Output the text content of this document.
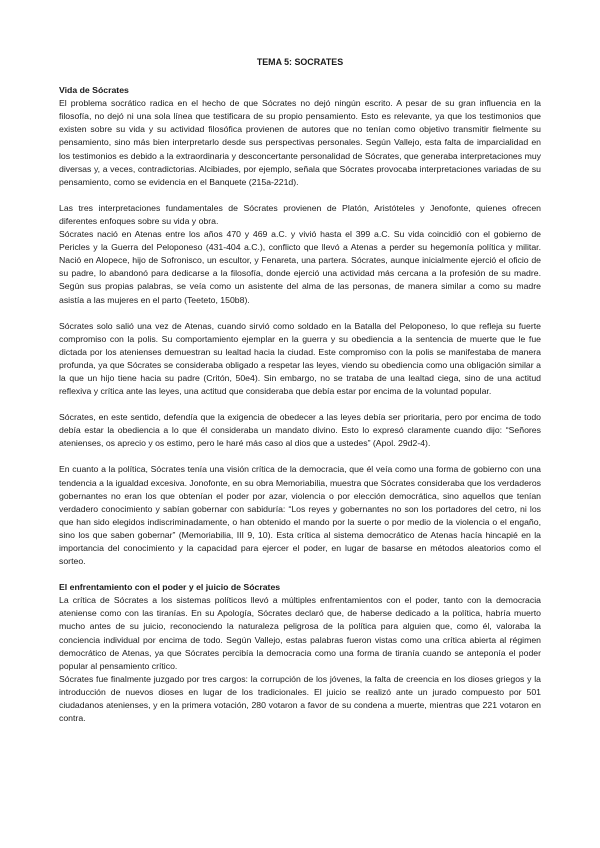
TEMA 5: SOCRATES
Vida de Sócrates

El problema socrático radica en el hecho de que Sócrates no dejó ningún escrito. A pesar de su gran influencia en la filosofía, no dejó ni una sola línea que testificara de su propio pensamiento. Esto es relevante, ya que los testimonios que existen sobre su vida y su actividad filosófica provienen de autores que no tenían como objetivo transmitir fielmente su pensamiento, sino más bien interpretarlo desde sus perspectivas personales. Según Vallejo, esta falta de imparcialidad en los testimonios es debido a la extraordinaria y desconcertante personalidad de Sócrates, que generaba interpretaciones muy diversas y, a veces, contradictorias. Alcibiades, por ejemplo, señala que Sócrates provocaba interpretaciones variadas de su pensamiento, como se evidencia en el Banquete (215a-221d).

Las tres interpretaciones fundamentales de Sócrates provienen de Platón, Aristóteles y Jenofonte, quienes ofrecen diferentes enfoques sobre su vida y obra.

Sócrates nació en Atenas entre los años 470 y 469 a.C. y vivió hasta el 399 a.C. Su vida coincidió con el gobierno de Pericles y la Guerra del Peloponeso (431-404 a.C.), conflicto que llevó a Atenas a perder su hegemonía política y militar. Nació en Alopece, hijo de Sofronisco, un escultor, y Fenareta, una partera. Sócrates, aunque inicialmente ejerció el oficio de su padre, lo abandonó para dedicarse a la filosofía, donde ejerció una actividad más cercana a la profesión de su madre. Según sus propias palabras, se veía como un asistente del alma de las personas, de manera similar a como su madre asistía a las mujeres en el parto (Teeteto, 150b8).

Sócrates solo salió una vez de Atenas, cuando sirvió como soldado en la Batalla del Peloponeso, lo que refleja su fuerte compromiso con la polis. Su comportamiento ejemplar en la guerra y su obediencia a la sentencia de muerte que le fue dictada por los atenienses demuestran su lealtad hacia la ciudad. Este compromiso con la polis se manifestaba de manera profunda, ya que Sócrates se consideraba obligado a respetar las leyes, viendo su obediencia como una obligación similar a la que un hijo tiene hacia su padre (Critón, 50e4). Sin embargo, no se trataba de una lealtad ciega, sino de una actitud reflexiva y crítica ante las leyes, una actitud que consideraba que debía estar por encima de la voluntad popular.

Sócrates, en este sentido, defendía que la exigencia de obedecer a las leyes debía ser prioritaria, pero por encima de todo debía estar la obediencia a lo que él consideraba un mandato divino. Esto lo expresó claramente cuando dijo: “Señores atenienses, os aprecio y os estimo, pero le haré más caso al dios que a ustedes” (Apol. 29d2-4).

En cuanto a la política, Sócrates tenía una visión crítica de la democracia, que él veía como una forma de gobierno con una tendencia a la igualdad excesiva. Jonofonte, en su obra Memoriabilia, muestra que Sócrates consideraba que los verdaderos gobernantes no eran los que obtenían el poder por azar, violencia o por elección democrática, sino aquellos que tenían verdadero conocimiento y sabían gobernar con sabiduría: “Los reyes y gobernantes no son los portadores del cetro, ni los que han sido elegidos indiscriminadamente, o han obtenido el mando por la suerte o por medio de la violencia o el engaño, sino los que saben gobernar” (Memoriabilia, III 9, 10). Esta crítica al sistema democrático de Atenas hacía hincapié en la importancia del conocimiento y la capacidad para ejercer el poder, en lugar de basarse en métodos aleatorios como el sorteo.

El enfrentamiento con el poder y el juicio de Sócrates

La crítica de Sócrates a los sistemas políticos llevó a múltiples enfrentamientos con el poder, tanto con la democracia ateniense como con las tiranías. En su Apología, Sócrates declaró que, de haberse dedicado a la política, habría muerto mucho antes de su juicio, reconociendo la naturaleza peligrosa de la política para alguien que, como él, valoraba la conciencia individual por encima de todo. Según Vallejo, estas palabras fueron vistas como una crítica abierta al régimen democrático de Atenas, ya que Sócrates percibía la democracia como una forma de tiranía cuando se anteponía el poder popular al pensamiento crítico.

Sócrates fue finalmente juzgado por tres cargos: la corrupción de los jóvenes, la falta de creencia en los dioses griegos y la introducción de nuevos dioses en lugar de los tradicionales. El juicio se realizó ante un jurado compuesto por 501 ciudadanos atenienses, y en la primera votación, 280 votaron a favor de su condena a muerte, mientras que 221 votaron en contra.
